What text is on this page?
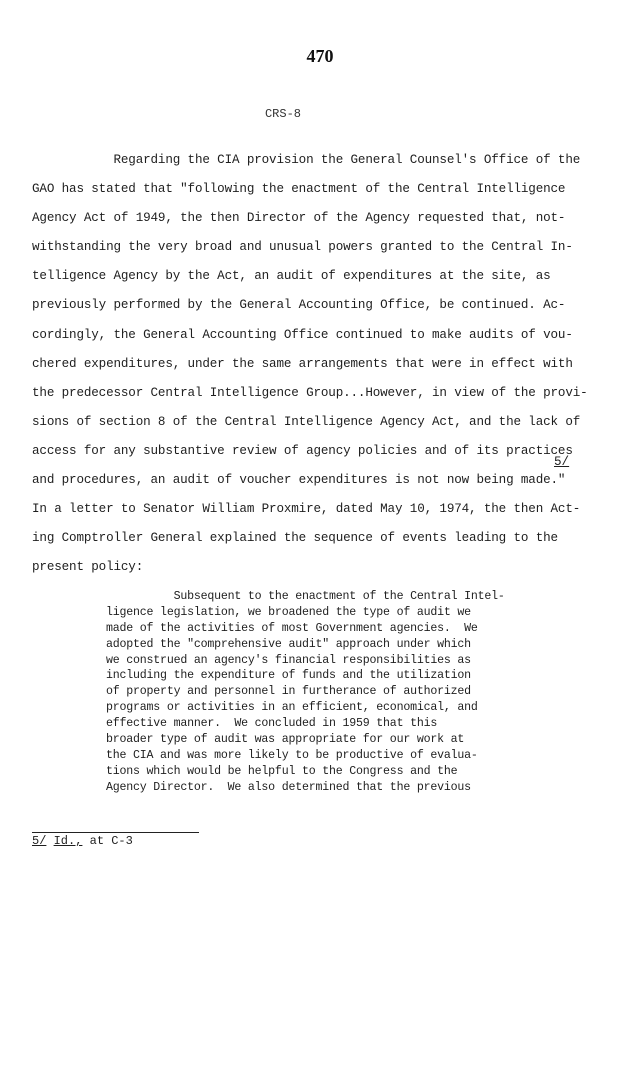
470
CRS-8
Regarding the CIA provision the General Counsel's Office of the
GAO has stated that "following the enactment of the Central Intelligence
Agency Act of 1949, the then Director of the Agency requested that, not-
withstanding the very broad and unusual powers granted to the Central In-
telligence Agency by the Act, an audit of expenditures at the site, as
previously performed by the General Accounting Office, be continued. Ac-
cordingly, the General Accounting Office continued to make audits of vou-
chered expenditures, under the same arrangements that were in effect with
the predecessor Central Intelligence Group...However, in view of the provi-
sions of section 8 of the Central Intelligence Agency Act, and the lack of
access for any substantive review of agency policies and of its practices
and procedures, an audit of voucher expenditures is not now being made."
In a letter to Senator William Proxmire, dated May 10, 1974, the then Act-
ing Comptroller General explained the sequence of events leading to the
present policy:
5/
Subsequent to the enactment of the Central Intel-
ligence legislation, we broadened the type of audit we
made of the activities of most Government agencies.  We
adopted the "comprehensive audit" approach under which
we construed an agency's financial responsibilities as
including the expenditure of funds and the utilization
of property and personnel in furtherance of authorized
programs or activities in an efficient, economical, and
effective manner.  We concluded in 1959 that this
broader type of audit was appropriate for our work at
the CIA and was more likely to be productive of evalua-
tions which would be helpful to the Congress and the
Agency Director.  We also determined that the previous
5/ Id., at C-3
